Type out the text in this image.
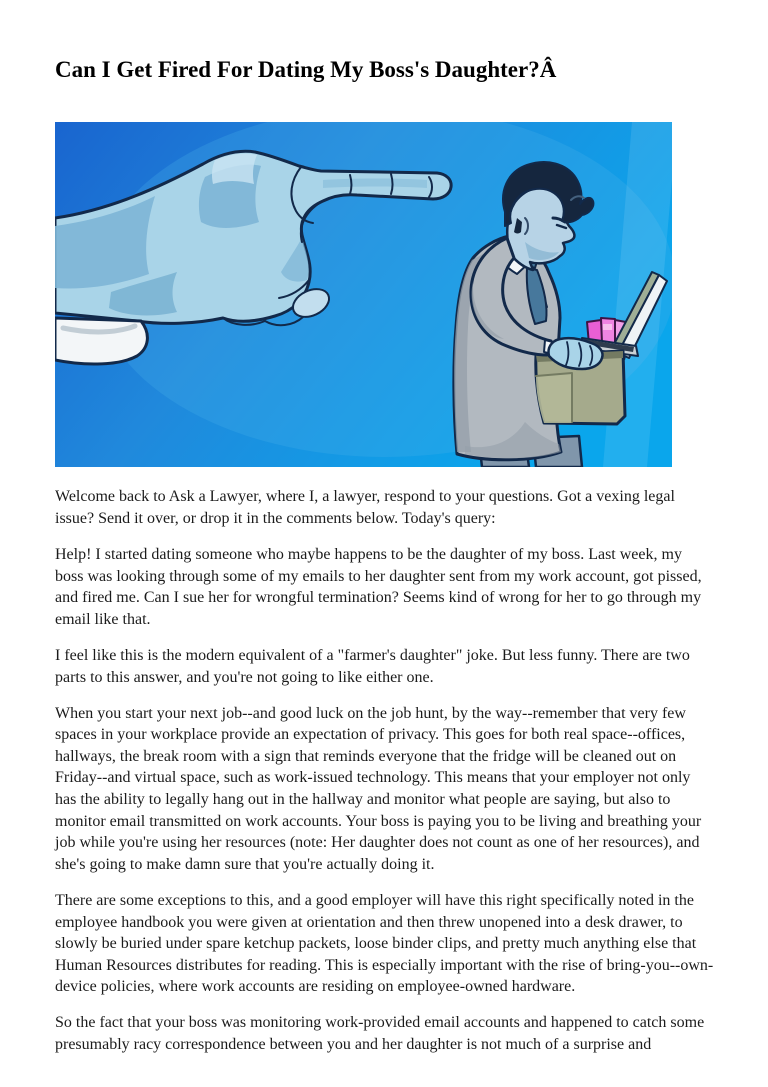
Can I Get Fired For Dating My Boss's Daughter?Â

Welcome back to Ask a Lawyer, where I, a lawyer, respond to your questions. Got a vexing legal issue? Send it over, or drop it in the comments below. Today's query:

Help! I started dating someone who maybe happens to be the daughter of my boss. Last week, my boss was looking through some of my emails to her daughter sent from my work account, got pissed, and fired me. Can I sue her for wrongful termination? Seems kind of wrong for her to go through my email like that.

I feel like this is the modern equivalent of a "farmer's daughter" joke. But less funny. There are two parts to this answer, and you're not going to like either one.

When you start your next job--and good luck on the job hunt, by the way--remember that very few spaces in your workplace provide an expectation of privacy. This goes for both real space--offices, hallways, the break room with a sign that reminds everyone that the fridge will be cleaned out on Friday--and virtual space, such as work-issued technology. This means that your employer not only has the ability to legally hang out in the hallway and monitor what people are saying, but also to monitor email transmitted on work accounts. Your boss is paying you to be living and breathing your job while you're using her resources (note: Her daughter does not count as one of her resources), and she's going to make damn sure that you're actually doing it.

There are some exceptions to this, and a good employer will have this right specifically noted in the employee handbook you were given at orientation and then threw unopened into a desk drawer, to slowly be buried under spare ketchup packets, loose binder clips, and pretty much anything else that Human Resources distributes for reading. This is especially important with the rise of bring-you--own-device policies, where work accounts are residing on employee-owned hardware.

So the fact that your boss was monitoring work-provided email accounts and happened to catch some presumably racy correspondence between you and her daughter is not much of a surprise and
